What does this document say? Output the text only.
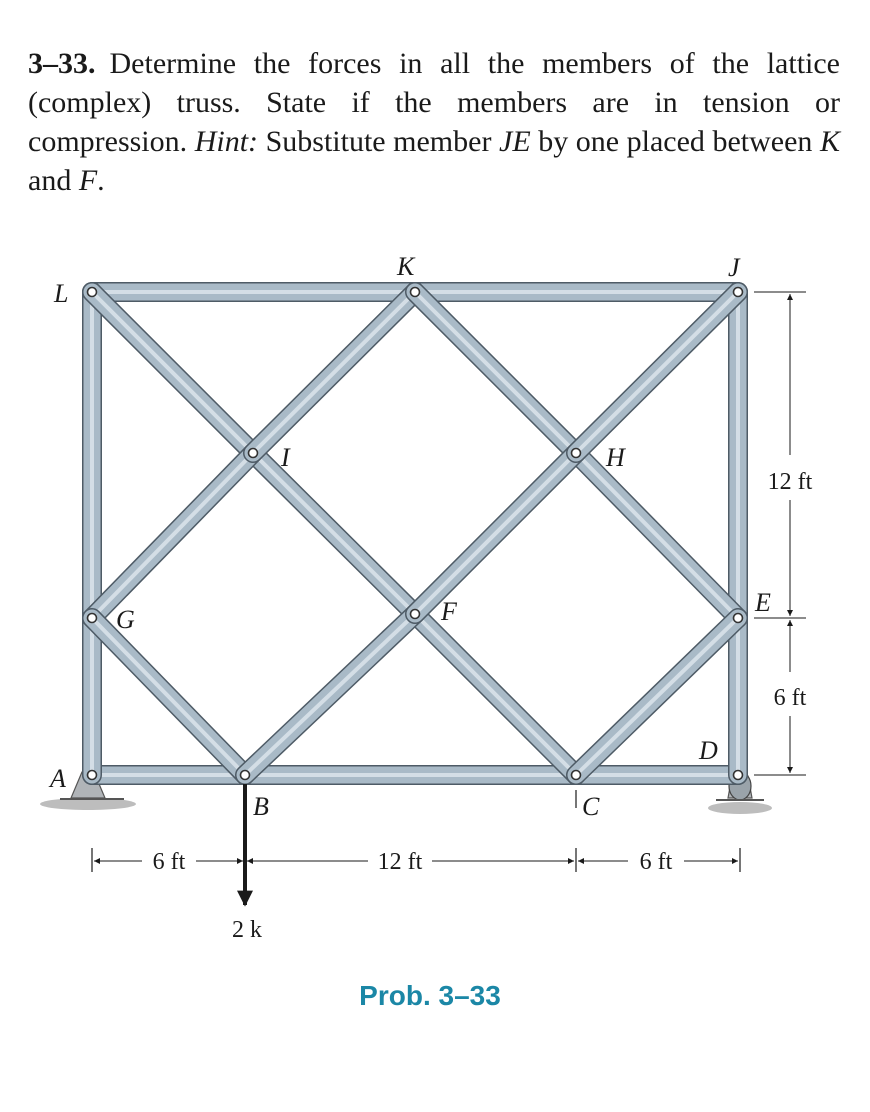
3–33. Determine the forces in all the members of the lattice (complex) truss. State if the members are in tension or compression. Hint: Substitute member JE by one placed between K and F.
L
K	J
I	H
G	F	E
A
B	C
D
2 k
6 ft	12 ft	6 ft
12 ft
6 ft
Prob. 3–33
